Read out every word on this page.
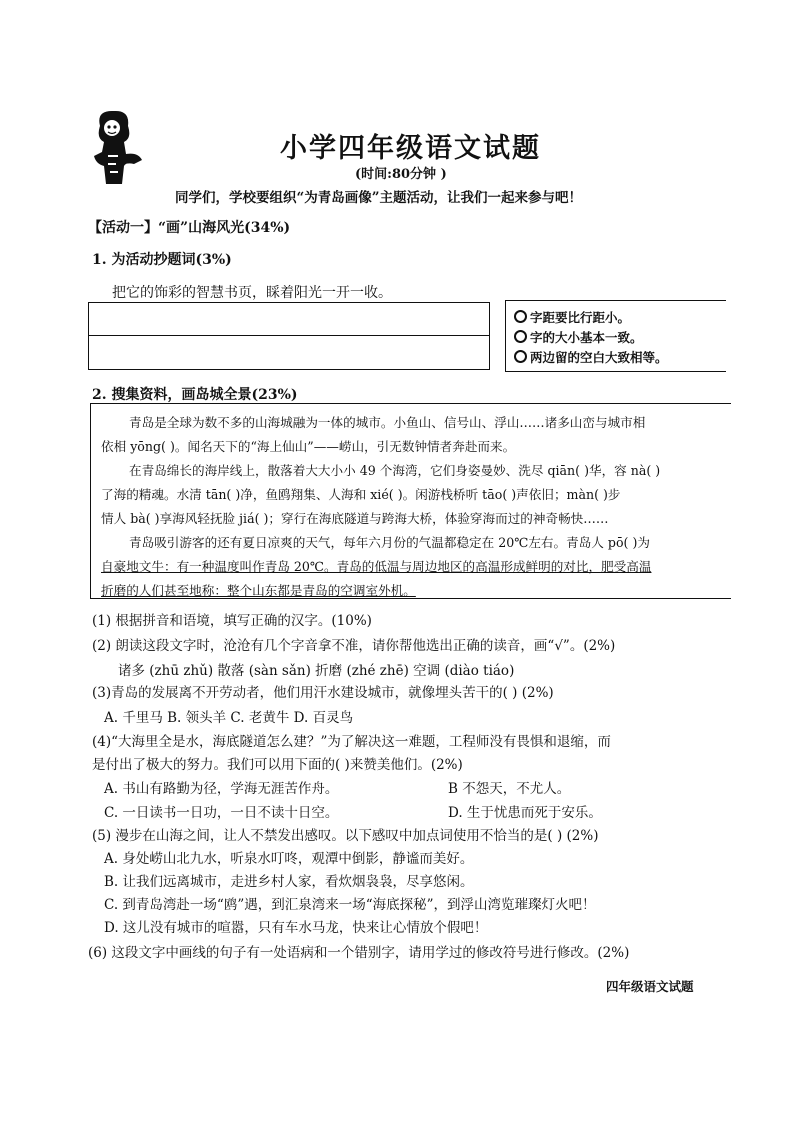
小学四年级语文试题
(时间:80分钟 )
同学们，学校要组织“为青岛画像”主题活动，让我们一起来参与吧！
【活动一】“画”山海风光(34%)
1. 为活动抄题词(3%)
把它的饰彩的智慧书页，睬着阳光一开一收。
字距要比行距小。
字的大小基本一致。
两边留的空白大致相等。
2. 搜集资料，画岛城全景(23%)
青岛是全球为数不多的山海城融为一体的城市。小鱼山、信号山、浮山……诸多山峦与城市相
依相 yōng( )。闻名天下的“海上仙山”——崂山，引无数钟情者奔赴而来。
在青岛绵长的海岸线上，散落着大大小小 49 个海湾，它们身姿曼妙、洗尽 qiān( )华，容 nà( )
了海的精魂。水清 tān( )净，鱼鸥翔集、人海和 xié( )。闲游栈桥听 tāo( )声依旧；màn( )步
情人 bà( )享海风轻抚脸 jiá( )；穿行在海底隧道与跨海大桥，体验穿海而过的神奇畅快……
青岛吸引游客的还有夏日凉爽的天气，每年六月份的气温都稳定在 20℃左右。青岛人 pō( )为
自豪地文牛：有一种温度叫作青岛 20℃。青岛的低温与周边地区的高温形成鲜明的对比，肥受高温
折磨的人们甚至地称：整个山东都是青岛的空调室外机。
(1) 根据拼音和语境，填写正确的汉字。(10%)
(2) 朗读这段文字时，沧沧有几个字音拿不准，请你帮他选出正确的读音，画“√”。(2%)
诸多 (zhū zhǔ) 散落 (sàn sǎn) 折磨 (zhé zhē) 空调 (diào tiáo)
(3)青岛的发展离不开劳动者，他们用汗水建设城市，就像埋头苦干的( ) (2%)
A. 千里马 B. 领头羊 C. 老黄牛 D. 百灵鸟
(4)“大海里全是水，海底隧道怎么建？”为了解决这一难题，工程师没有畏惧和退缩，而
是付出了极大的努力。我们可以用下面的( )来赞美他们。(2%)
A. 书山有路勤为径，学海无涯苦作舟。	B 不怨天，不尤人。
C. 一日读书一日功，一日不读十日空。	D. 生于忧患而死于安乐。
(5) 漫步在山海之间，让人不禁发出感叹。以下感叹中加点词使用不恰当的是( ) (2%)
A. 身处崂山北九水，听泉水叮咚，观潭中倒影，静谧而美好。
B. 让我们远离城市，走进乡村人家，看炊烟袅袅，尽享悠闲。
C. 到青岛湾赴一场“鸥”遇，到汇泉湾来一场“海底探秘”，到浮山湾览璀璨灯火吧！
D. 这儿没有城市的喧嚣，只有车水马龙，快来让心情放个假吧！
(6) 这段文字中画线的句子有一处语病和一个错别字，请用学过的修改符号进行修改。(2%)
四年级语文试题
